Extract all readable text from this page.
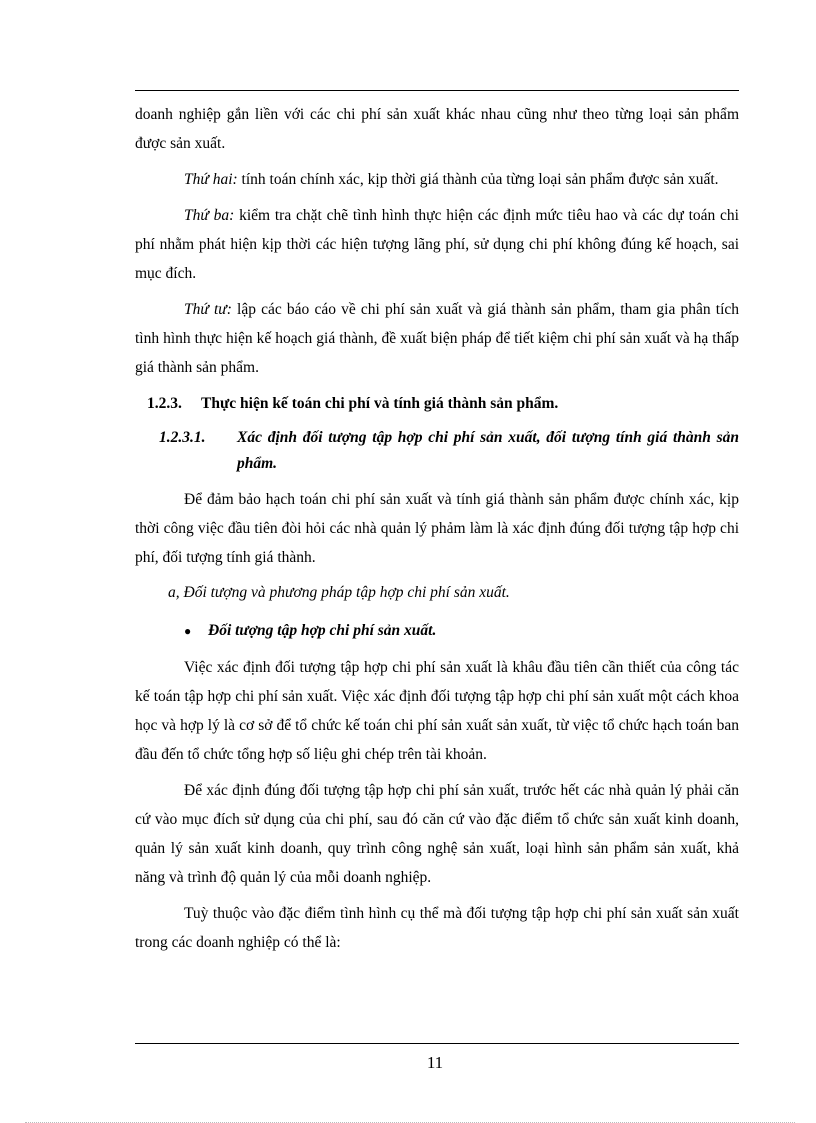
doanh nghiệp gắn liền với các chi phí sản xuất khác nhau cũng như theo từng loại sản phẩm được sản xuất.

Thứ hai: tính toán chính xác, kịp thời giá thành của từng loại sản phẩm được sản xuất.

Thứ ba: kiểm tra chặt chẽ tình hình thực hiện các định mức tiêu hao và các dự toán chi phí nhằm phát hiện kịp thời các hiện tượng lãng phí, sử dụng chi phí không đúng kế hoạch, sai mục đích.

Thứ tư: lập các báo cáo về chi phí sản xuất và giá thành sản phẩm, tham gia phân tích tình hình thực hiện kế hoạch giá thành, đề xuất biện pháp để tiết kiệm chi phí sản xuất và hạ thấp giá thành sản phẩm.

1.2.3.	Thực hiện kế toán chi phí và tính giá thành sản phẩm.
1.2.3.1.	Xác định đối tượng tập hợp chi phí sản xuất, đối tượng tính giá thành sản phẩm.

Để đảm bảo hạch toán chi phí sản xuất và tính giá thành sản phẩm được chính xác, kịp thời công việc đầu tiên đòi hỏi các nhà quản lý phảm làm là xác định đúng đối tượng tập hợp chi phí, đối tượng tính giá thành.

a, Đối tượng và phương pháp tập hợp chi phí sản xuất.
●	Đối tượng tập hợp chi phí sản xuất.

Việc xác định đối tượng tập hợp chi phí sản xuất là khâu đầu tiên cần thiết của công tác kế toán tập hợp chi phí sản xuất. Việc xác định đối tượng tập hợp chi phí sản xuất một cách khoa học và hợp lý là cơ sở để tổ chức kế toán chi phí sản xuất sản xuất, từ việc tổ chức hạch toán ban đầu đến tổ chức tổng hợp số liệu ghi chép trên tài khoản.

Để xác định đúng đối tượng tập hợp chi phí sản xuất, trước hết các nhà quản lý phải căn cứ vào mục đích sử dụng của chi phí, sau đó căn cứ vào đặc điểm tổ chức sản xuất kinh doanh, quản lý sản xuất kinh doanh, quy trình công nghệ sản xuất, loại hình sản phẩm sản xuất, khả năng và trình độ quản lý của mỗi doanh nghiệp.

Tuỳ thuộc vào đặc điểm tình hình cụ thể mà đối tượng tập hợp chi phí sản xuất sản xuất trong các doanh nghiệp có thể là:

11
